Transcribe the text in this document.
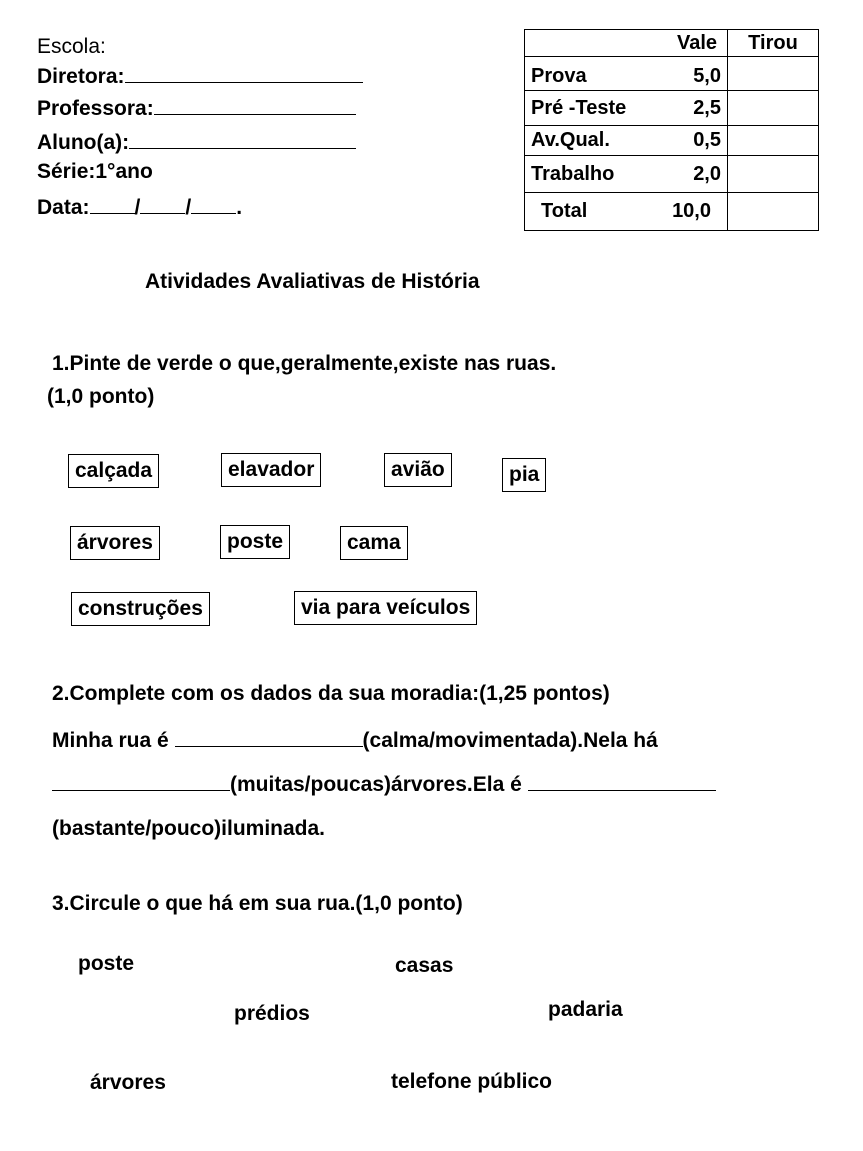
Escola:
Diretora:
Professora:
Aluno(a):
Série:1°ano
Data: / / .
Vale	Tirou

Prova 5,0	

Pré -Teste 2,5	

Av.Qual. 0,5	

Trabalho 2,0	

Total 10,0	

Atividades Avaliativas de História
1.Pinte de verde o que,geralmente,existe nas ruas.
(1,0 ponto)
calçada	elavador	avião	pia
árvores	poste	cama
construções	via para veículos
2.Complete com os dados da sua moradia:(1,25 pontos)
Minha rua é	(calma/movimentada).Nela há
(muitas/poucas)árvores.Ela é
(bastante/pouco)iluminada.
3.Circule o que há em sua rua.(1,0 ponto)
poste	casas
prédios	padaria
árvores	telefone público
